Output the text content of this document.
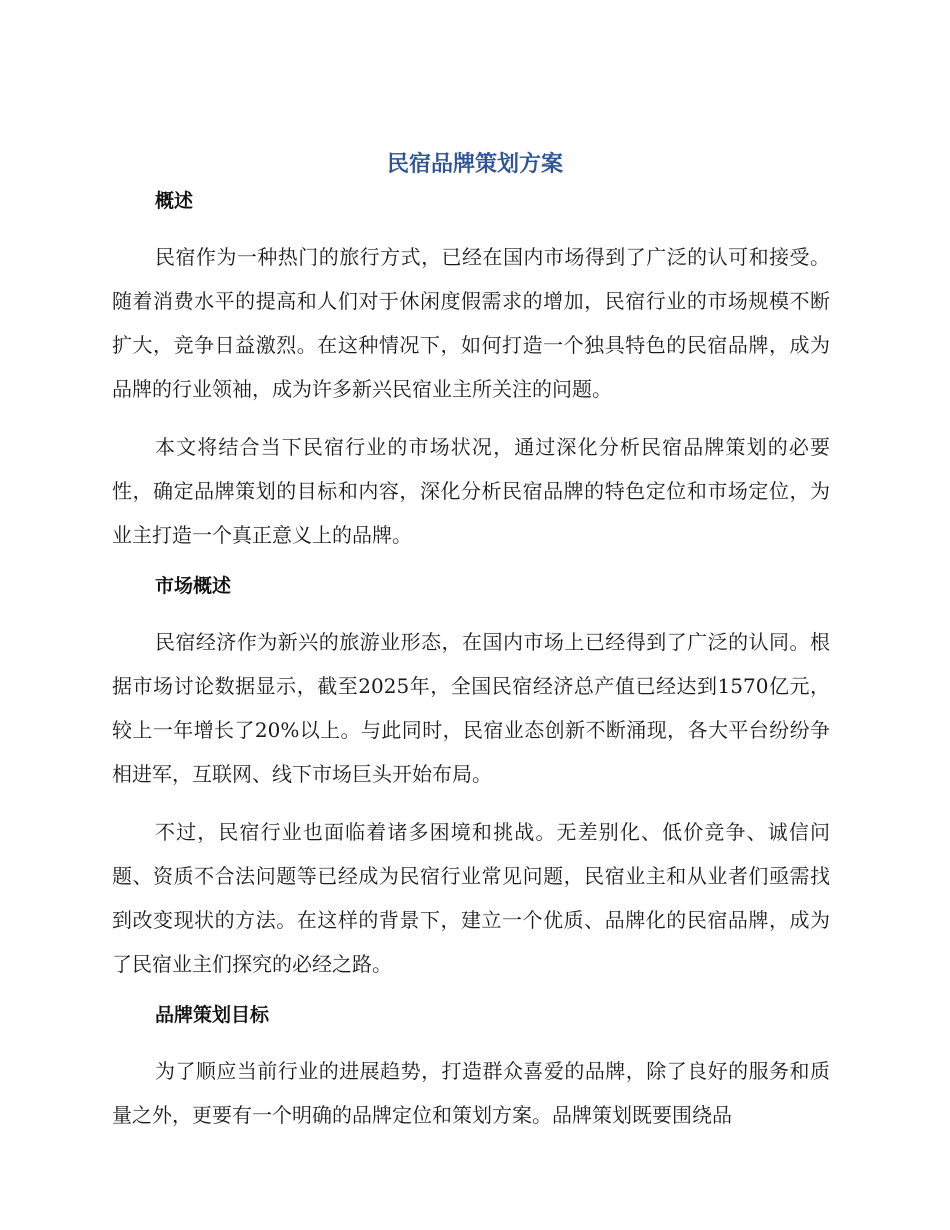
民宿品牌策划方案
概述

民宿作为一种热门的旅行方式，已经在国内市场得到了广泛的认可和接受。随着消费水平的提高和人们对于休闲度假需求的增加，民宿行业的市场规模不断扩大，竞争日益激烈。在这种情况下，如何打造一个独具特色的民宿品牌，成为品牌的行业领袖，成为许多新兴民宿业主所关注的问题。

本文将结合当下民宿行业的市场状况，通过深化分析民宿品牌策划的必要性，确定品牌策划的目标和内容，深化分析民宿品牌的特色定位和市场定位，为业主打造一个真正意义上的品牌。

市场概述

民宿经济作为新兴的旅游业形态，在国内市场上已经得到了广泛的认同。根据市场讨论数据显示，截至2025年，全国民宿经济总产值已经达到1570亿元，较上一年增长了20%以上。与此同时，民宿业态创新不断涌现，各大平台纷纷争相进军，互联网、线下市场巨头开始布局。

不过，民宿行业也面临着诸多困境和挑战。无差别化、低价竞争、诚信问题、资质不合法问题等已经成为民宿行业常见问题，民宿业主和从业者们亟需找到改变现状的方法。在这样的背景下，建立一个优质、品牌化的民宿品牌，成为了民宿业主们探究的必经之路。

品牌策划目标

为了顺应当前行业的进展趋势，打造群众喜爱的品牌，除了良好的服务和质量之外，更要有一个明确的品牌定位和策划方案。品牌策划既要围绕品
